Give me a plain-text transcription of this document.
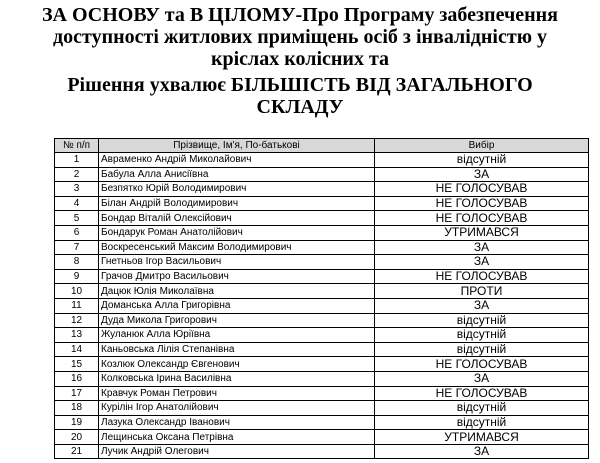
ЗА ОСНОВУ та В ЦІЛОМУ-Про Програму забезпечення
доступності житлових приміщень осіб з інвалідністю у
кріслах колісних та
Рішення ухвалює БІЛЬШІСТЬ ВІД ЗАГАЛЬНОГО
СКЛАДУ
№ п/п	Прізвище, Ім'я, По-батькові	Вибір
1	Авраменко Андрій Миколайович	відсутній
2	Бабула Алла Анисіївна	ЗА
3	Безпятко Юрій Володимирович	НЕ ГОЛОСУВАВ
4	Білан Андрій Володимирович	НЕ ГОЛОСУВАВ
5	Бондар Віталій Олексійович	НЕ ГОЛОСУВАВ
6	Бондарук Роман Анатолійович	УТРИМАВСЯ
7	Воскресенський Максим Володимирович	ЗА
8	Гнетньов Ігор Васильович	ЗА
9	Грачов Дмитро Васильович	НЕ ГОЛОСУВАВ
10	Дацюк Юлія Миколаївна	ПРОТИ
11	Доманська Алла Григорівна	ЗА
12	Дуда Микола Григорович	відсутній
13	Жуланюк Алла Юріївна	відсутній
14	Каньовська Лілія Степанівна	відсутній
15	Козлюк Олександр Євгенович	НЕ ГОЛОСУВАВ
16	Колковська Ірина Василівна	ЗА
17	Кравчук Роман Петрович	НЕ ГОЛОСУВАВ
18	Курілін Ігор Анатолійович	відсутній
19	Лазука Олександр Іванович	відсутній
20	Лещинська Оксана Петрівна	УТРИМАВСЯ
21	Лучик Андрій Олегович	ЗА
